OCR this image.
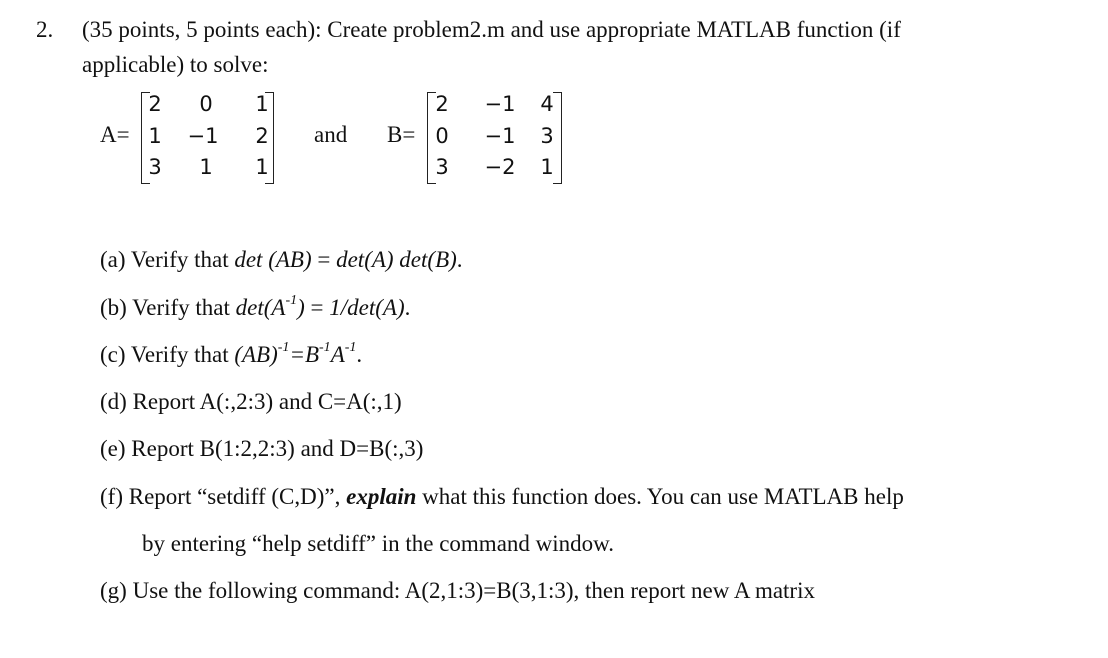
2. (35 points, 5 points each): Create problem2.m and use appropriate MATLAB function (if
applicable) to solve:
A=
2	0	1
1	−1	2
3	1	1
and B=
2	−1	4
0	−1	3
3	−2	1
(a) Verify that det (AB) = det(A) det(B).
(b) Verify that $\det(A^{-1}) = 1/\det(A)$.
(c) Verify that $(AB)^{-1}=B^{-1}A^{-1}$.
(d) Report A(:,2:3) and C=A(:,1)
(e) Report B(1:2,2:3) and D=B(:,3)
(f) Report “setdiff (C,D)”, explain what this function does. You can use MATLAB help
by entering “help setdiff” in the command window.
(g) Use the following command: A(2,1:3)=B(3,1:3), then report new A matrix
